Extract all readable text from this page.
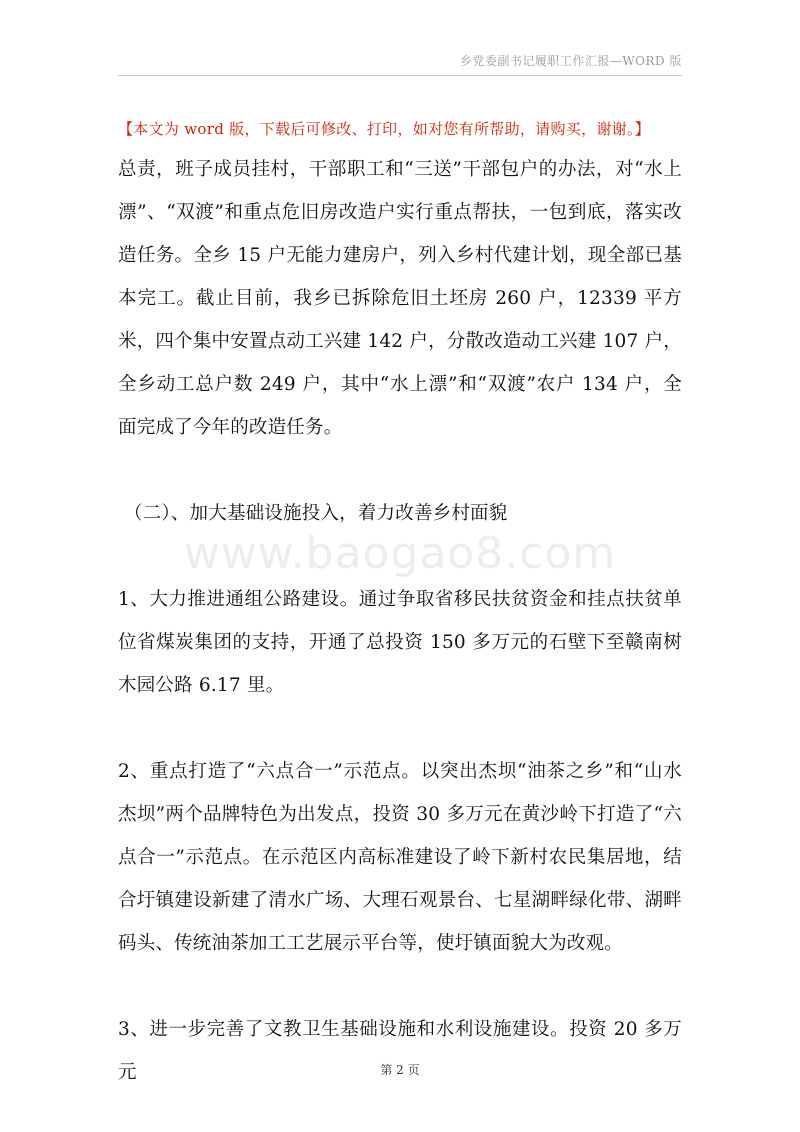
乡党委副书记履职工作汇报—WORD 版
【本文为 word 版，下载后可修改、打印，如对您有所帮助，请购买，谢谢。】
www.baogao8.com

总责，班子成员挂村，干部职工和“三送”干部包户的办法，对“水上漂”、“双渡”和重点危旧房改造户实行重点帮扶，一包到底，落实改造任务。全乡 15 户无能力建房户，列入乡村代建计划，现全部已基本完工。截止目前，我乡已拆除危旧土坯房 260 户，12339 平方米，四个集中安置点动工兴建 142 户，分散改造动工兴建 107 户，全乡动工总户数 249 户，其中“水上漂”和“双渡”农户 134 户，全面完成了今年的改造任务。

（二）、加大基础设施投入，着力改善乡村面貌

1、大力推进通组公路建设。通过争取省移民扶贫资金和挂点扶贫单位省煤炭集团的支持，开通了总投资 150 多万元的石壁下至赣南树木园公路 6.17 里。

2、重点打造了“六点合一”示范点。以突出杰坝“油茶之乡”和“山水杰坝”两个品牌特色为出发点，投资 30 多万元在黄沙岭下打造了“六点合一”示范点。在示范区内高标准建设了岭下新村农民集居地，结合圩镇建设新建了清水广场、大理石观景台、七星湖畔绿化带、湖畔码头、传统油茶加工工艺展示平台等，使圩镇面貌大为改观。

3、进一步完善了文教卫生基础设施和水利设施建设。投资 20 多万元	第 2 页
